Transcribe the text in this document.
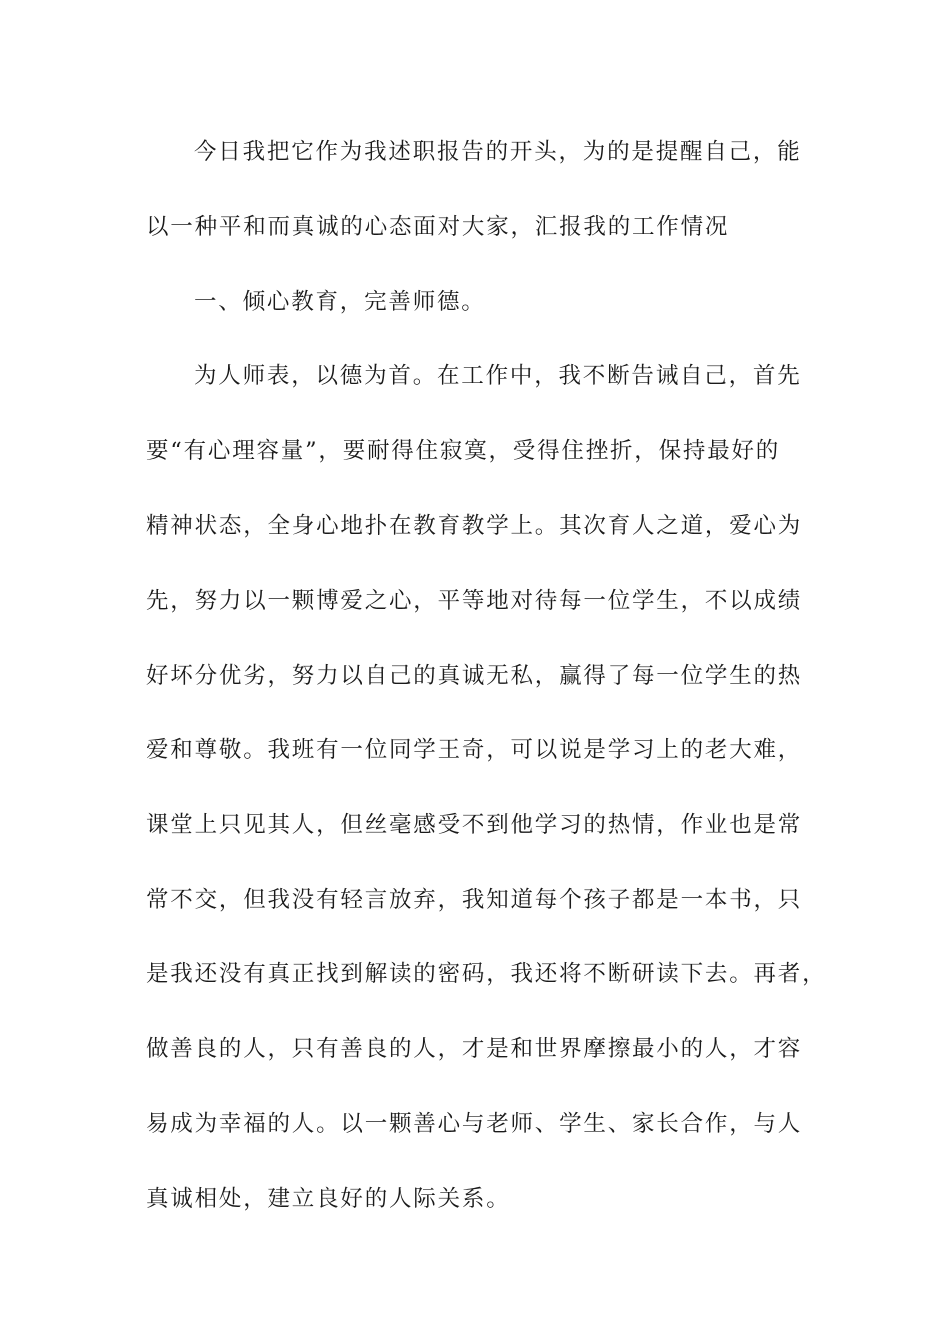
今日我把它作为我述职报告的开头，为的是提醒自己，能
以一种平和而真诚的心态面对大家，汇报我的工作情况
一、倾心教育，完善师德。
为人师表，以德为首。在工作中，我不断告诫自己，首先
要“有心理容量”，要耐得住寂寞，受得住挫折，保持最好的
精神状态，全身心地扑在教育教学上。其次育人之道，爱心为
先，努力以一颗博爱之心，平等地对待每一位学生，不以成绩
好坏分优劣，努力以自己的真诚无私，赢得了每一位学生的热
爱和尊敬。我班有一位同学王奇，可以说是学习上的老大难，
课堂上只见其人，但丝毫感受不到他学习的热情，作业也是常
常不交，但我没有轻言放弃，我知道每个孩子都是一本书，只
是我还没有真正找到解读的密码，我还将不断研读下去。再者，
做善良的人，只有善良的人，才是和世界摩擦最小的人，才容
易成为幸福的人。以一颗善心与老师、学生、家长合作，与人
真诚相处，建立良好的人际关系。
